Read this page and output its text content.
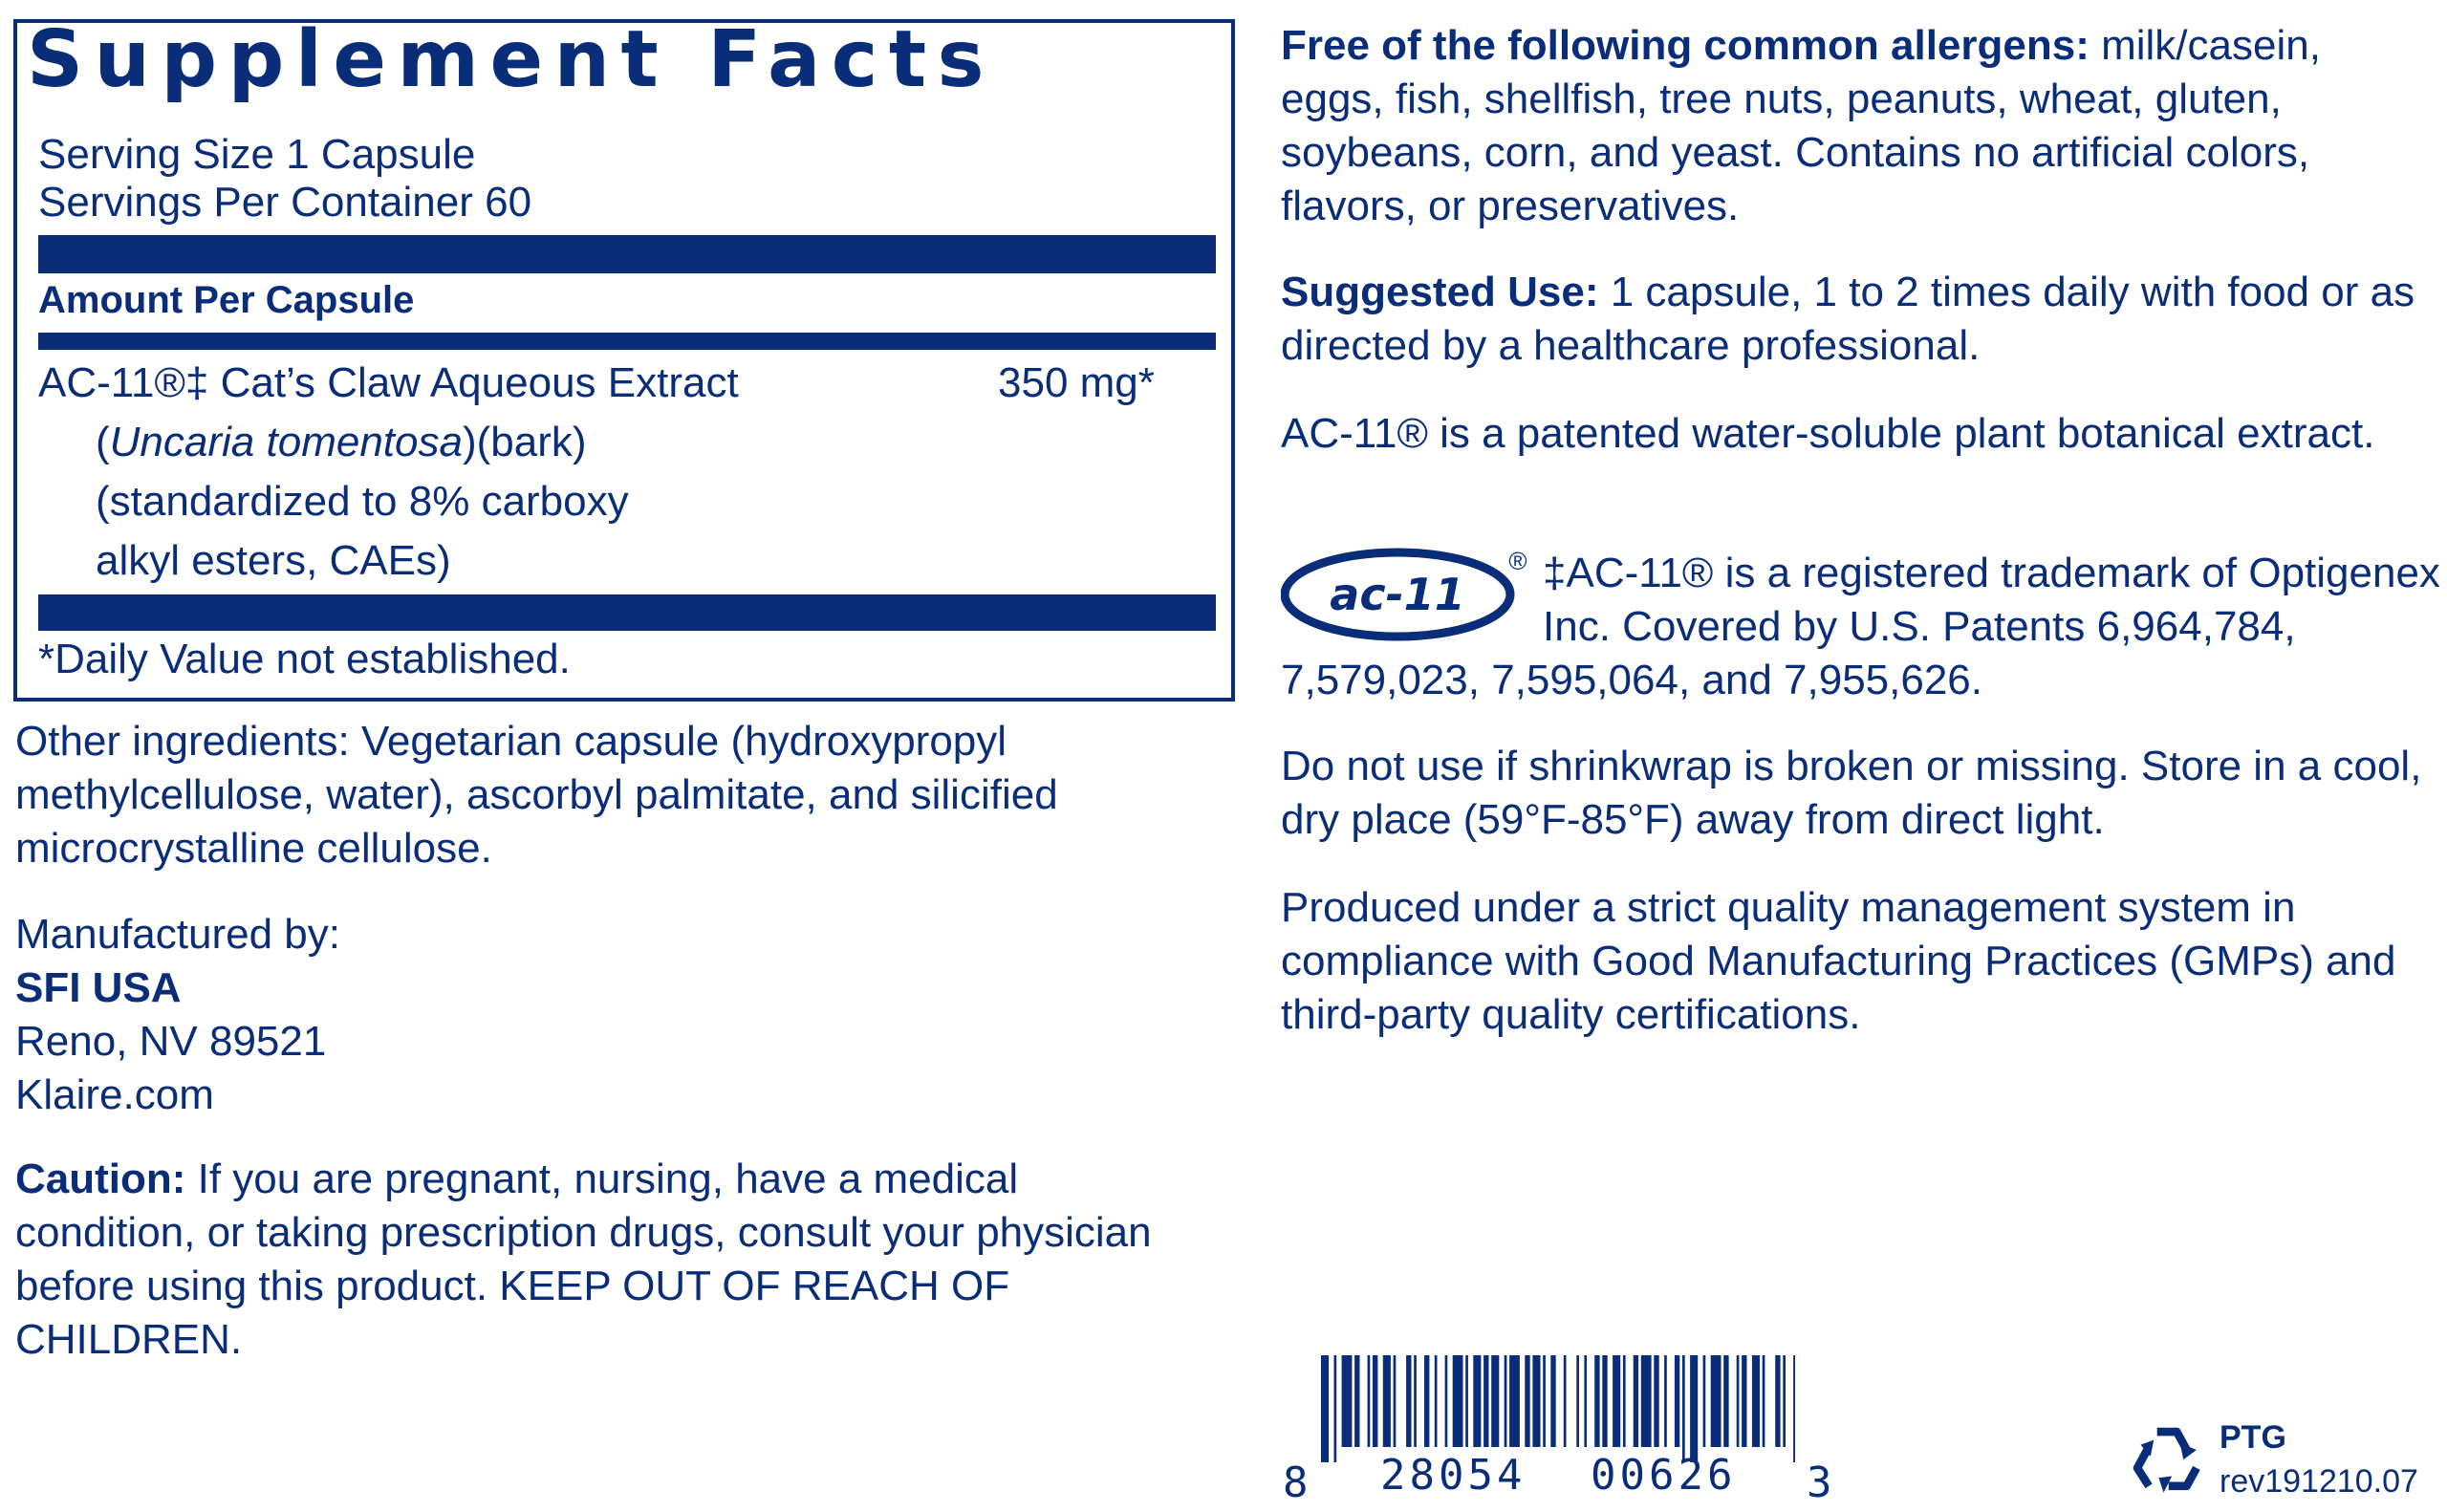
Supplement Facts
Serving Size 1 Capsule
Servings Per Container 60
Amount Per Capsule
AC-11®‡ Cat’s Claw Aqueous Extract	350 mg*
(Uncaria tomentosa)(bark)
(standardized to 8% carboxy
alkyl esters, CAEs)
*Daily Value not established.
Other ingredients: Vegetarian capsule (hydroxypropyl methylcellulose, water), ascorbyl palmitate, and silicified microcrystalline cellulose.
Manufactured by:
SFI USA
Reno, NV 89521
Klaire.com
Caution: If you are pregnant, nursing, have a medical condition, or taking prescription drugs, consult your physician before using this product. KEEP OUT OF REACH OF CHILDREN.
Free of the following common allergens: milk/casein, eggs, fish, shellfish, tree nuts, peanuts, wheat, gluten, soybeans, corn, and yeast. Contains no artificial colors, flavors, or preservatives.
Suggested Use: 1 capsule, 1 to 2 times daily with food or as directed by a healthcare professional.
AC-11® is a patented water-soluble plant botanical extract.
ac-11
® ‡AC-11® is a registered trademark of Optigenex
Inc. Covered by U.S. Patents 6,964,784,
7,579,023, 7,595,064, and 7,955,626.
Do not use if shrinkwrap is broken or missing. Store in a cool, dry place (59°F-85°F) away from direct light.
Produced under a strict quality management system in compliance with Good Manufacturing Practices (GMPs) and third-party quality certifications.
8 28054 00626 3
PTG
rev191210.07
